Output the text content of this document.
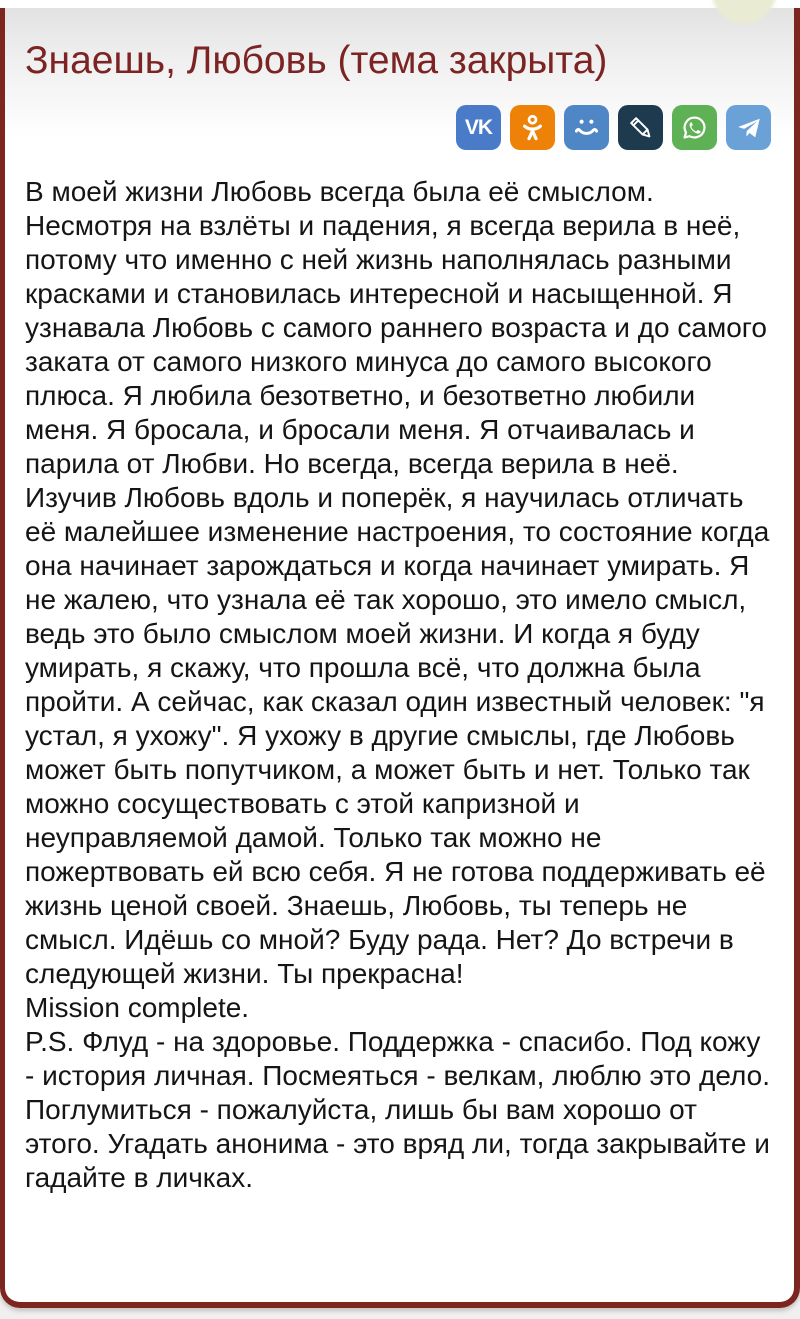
Знаешь, Любовь (тема закрыта)
VK

В моей жизни Любовь всегда была её смыслом. Несмотря на взлёты и падения, я всегда верила в неё, потому что именно с ней жизнь наполнялась разными красками и становилась интересной и насыщенной. Я узнавала Любовь с самого раннего возраста и до самого заката от самого низкого минуса до самого высокого плюса. Я любила безответно, и безответно любили меня. Я бросала, и бросали меня. Я отчаивалась и парила от Любви. Но всегда, всегда верила в неё. Изучив Любовь вдоль и поперёк, я научилась отличать её малейшее изменение настроения, то состояние когда она начинает зарождаться и когда начинает умирать. Я не жалею, что узнала её так хорошо, это имело смысл, ведь это было смыслом моей жизни. И когда я буду умирать, я скажу, что прошла всё, что должна была пройти. А сейчас, как сказал один известный человек: "я устал, я ухожу". Я ухожу в другие смыслы, где Любовь может быть попутчиком, а может быть и нет. Только так можно сосуществовать с этой капризной и неуправляемой дамой. Только так можно не пожертвовать ей всю себя. Я не готова поддерживать её жизнь ценой своей. Знаешь, Любовь, ты теперь не смысл. Идёшь со мной? Буду рада. Нет? До встречи в следующей жизни. Ты прекрасна!

Mission complete.

P.S. Флуд - на здоровье. Поддержка - спасибо. Под кожу - история личная. Посмеяться - велкам, люблю это дело. Поглумиться - пожалуйста, лишь бы вам хорошо от этого. Угадать анонима - это вряд ли, тогда закрывайте и гадайте в личках.
